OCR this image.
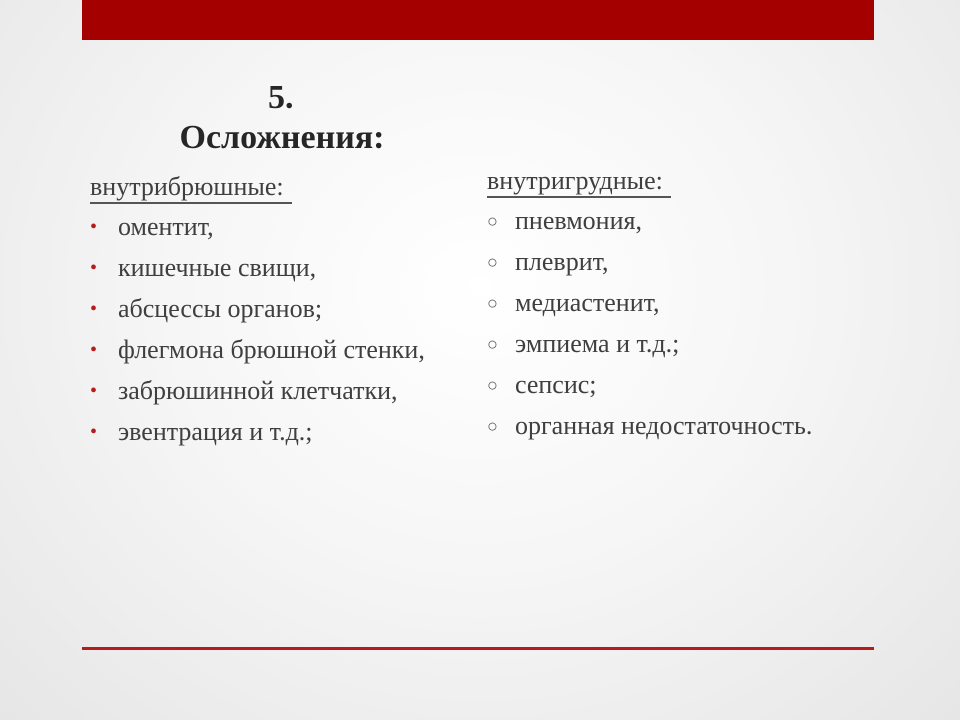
5.
Осложнения:
внутрибрюшные:
• оментит,
• кишечные свищи,
• абсцессы органов;
• флегмона брюшной стенки,
• забрюшинной клетчатки,
• эвентрация и т.д.;
внутригрудные:
○ пневмония,
○ плеврит,
○ медиастенит,
○ эмпиема и т.д.;
○ сепсис;
○ органная недостаточность.
